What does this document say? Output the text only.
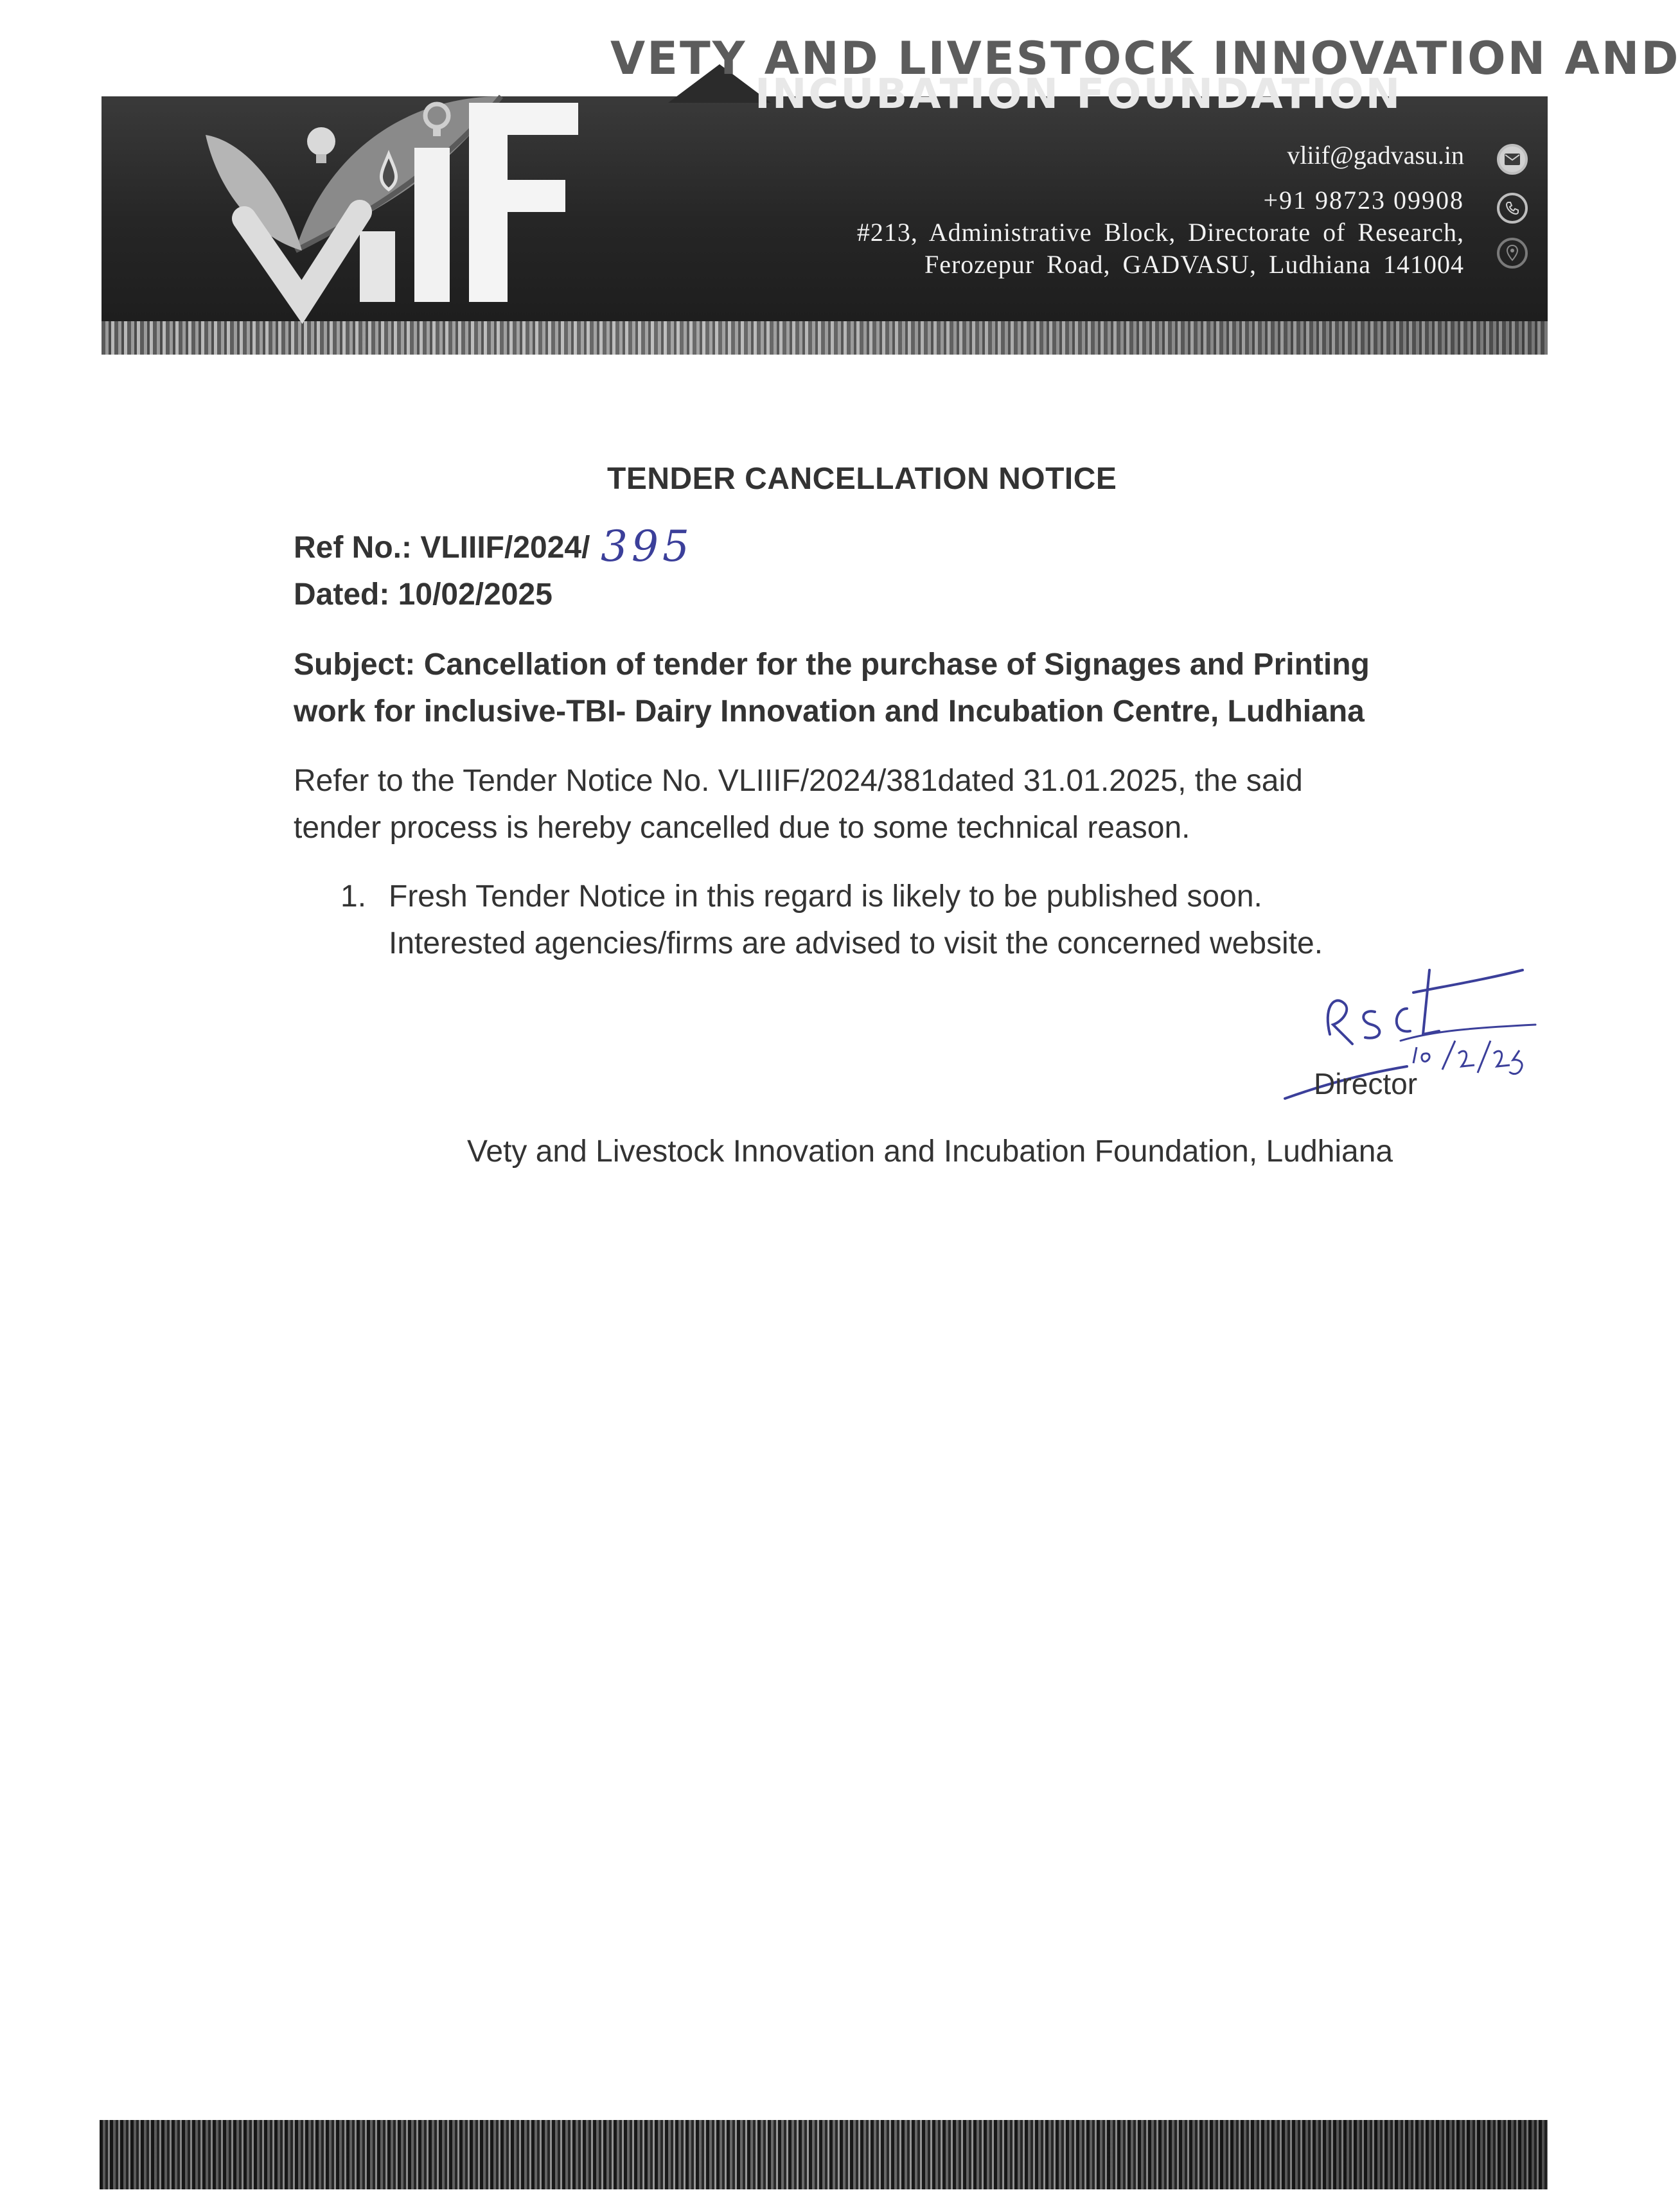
VETY AND LIVESTOCK INNOVATION AND
INCUBATION FOUNDATION
vliif@gadvasu.in
+91 98723 09908
#213, Administrative Block, Directorate of Research,
Ferozepur Road, GADVASU, Ludhiana 141004
TENDER CANCELLATION NOTICE
Ref No.: VLIIIF/2024/ 395
Dated: 10/02/2025
Subject: Cancellation of tender for the purchase of Signages and Printing
work for inclusive-TBI- Dairy Innovation and Incubation Centre, Ludhiana
Refer to the Tender Notice No. VLIIIF/2024/381dated 31.01.2025, the said
tender process is hereby cancelled due to some technical reason.
1. Fresh Tender Notice in this regard is likely to be published soon.
Interested agencies/firms are advised to visit the concerned website.
Director
Vety and Livestock Innovation and Incubation Foundation, Ludhiana
